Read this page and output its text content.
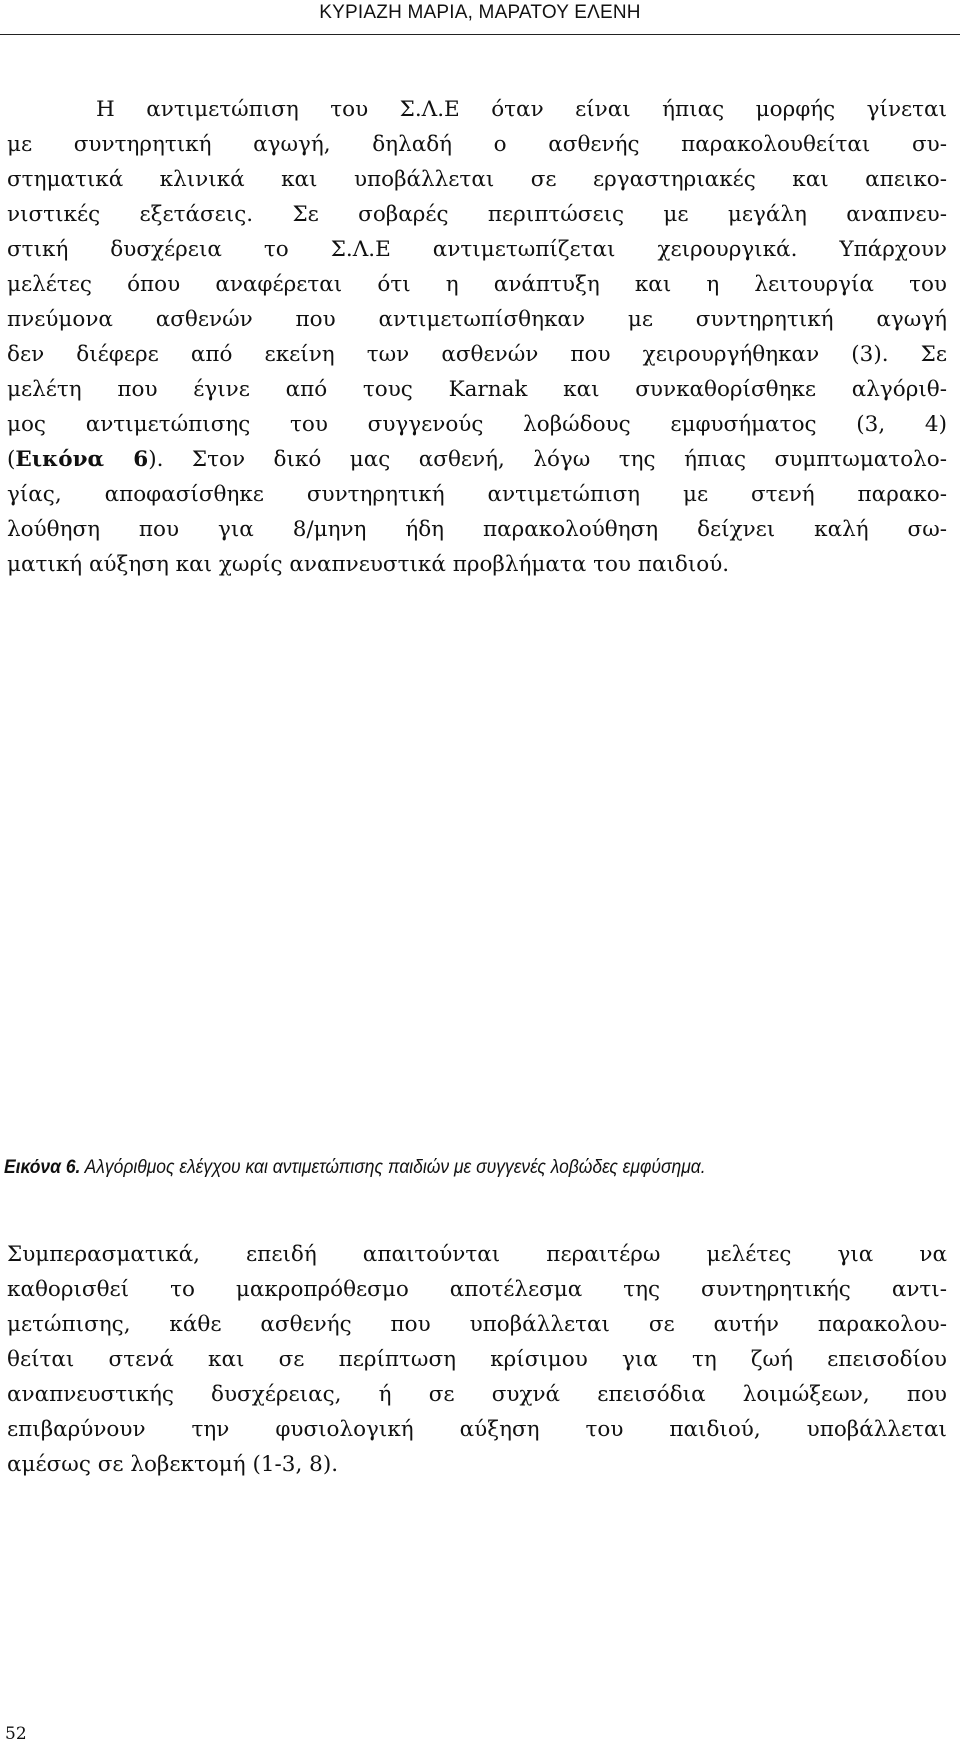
ΚΥΡΙΑΖΗ ΜΑΡΙΑ, ΜΑΡΑΤΟΥ ΕΛΕΝΗ

Η αντιμετώπιση του Σ.Λ.Ε όταν είναι ήπιας μορφής γίνεται
με συντηρητική αγωγή, δηλαδή ο ασθενής παρακολουθείται συ-
στηματικά κλινικά και υποβάλλεται σε εργαστηριακές και απεικο-
νιστικές εξετάσεις. Σε σοβαρές περιπτώσεις με μεγάλη αναπνευ-
στική δυσχέρεια το Σ.Λ.Ε αντιμετωπίζεται χειρουργικά. Υπάρχουν
μελέτες όπου αναφέρεται ότι η ανάπτυξη και η λειτουργία του
πνεύμονα ασθενών που αντιμετωπίσθηκαν με συντηρητική αγωγή
δεν διέφερε από εκείνη των ασθενών που χειρουργήθηκαν (3). Σε
μελέτη που έγινε από τους Karnak και συνκαθορίσθηκε αλγόριθ-
μος αντιμετώπισης του συγγενούς λοβώδους εμφυσήματος (3, 4)
(Εικόνα 6). Στον δικό μας ασθενή, λόγω της ήπιας συμπτωματολο-
γίας, αποφασίσθηκε συντηρητική αντιμετώπιση με στενή παρακο-
λούθηση που για 8/μηνη ήδη παρακολούθηση δείχνει καλή σω-
ματική αύξηση και χωρίς αναπνευστικά προβλήματα του παιδιού.

Εικόνα 6. Αλγόριθμος ελέγχου και αντιμετώπισης παιδιών με συγγενές λοβώδες εμφύσημα.

Συμπερασματικά, επειδή απαιτούνται περαιτέρω μελέτες για να
καθορισθεί το μακροπρόθεσμο αποτέλεσμα της συντηρητικής αντι-
μετώπισης, κάθε ασθενής που υποβάλλεται σε αυτήν παρακολου-
θείται στενά και σε περίπτωση κρίσιμου για τη ζωή επεισοδίου
αναπνευστικής δυσχέρειας, ή σε συχνά επεισόδια λοιμώξεων, που
επιβαρύνουν την φυσιολογική αύξηση του παιδιού, υποβάλλεται
αμέσως σε λοβεκτομή (1-3, 8).

52
